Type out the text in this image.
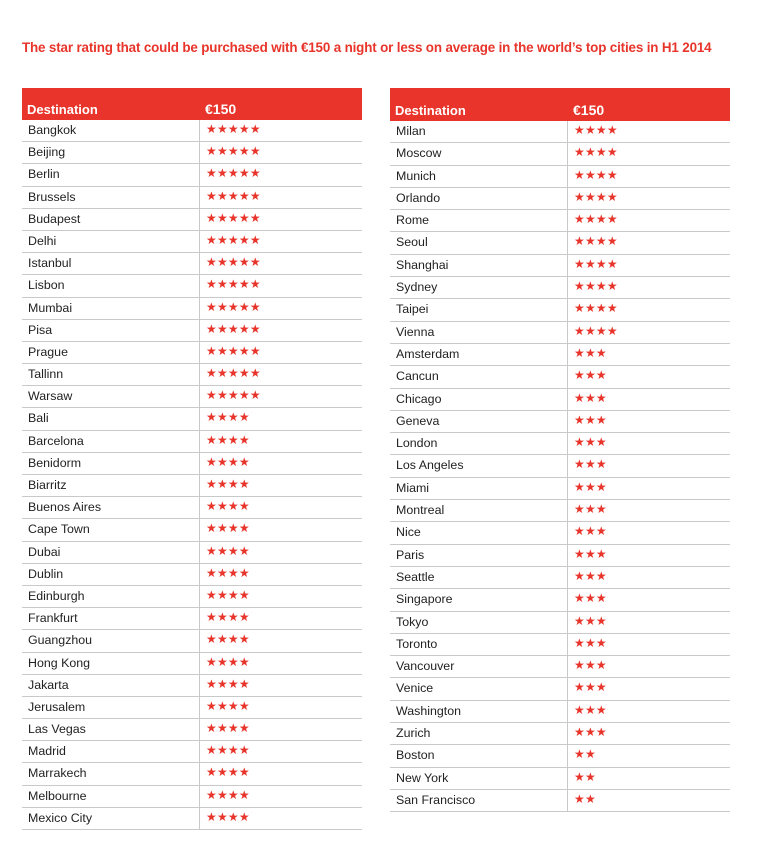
The star rating that could be purchased with €150 a night or less on average in the world’s top cities in H1 2014
Destination	€150
Bangkok	★★★★★
Beijing	★★★★★
Berlin	★★★★★
Brussels	★★★★★
Budapest	★★★★★
Delhi	★★★★★
Istanbul	★★★★★
Lisbon	★★★★★
Mumbai	★★★★★
Pisa	★★★★★
Prague	★★★★★
Tallinn	★★★★★
Warsaw	★★★★★
Bali	★★★★
Barcelona	★★★★
Benidorm	★★★★
Biarritz	★★★★
Buenos Aires	★★★★
Cape Town	★★★★
Dubai	★★★★
Dublin	★★★★
Edinburgh	★★★★
Frankfurt	★★★★
Guangzhou	★★★★
Hong Kong	★★★★
Jakarta	★★★★
Jerusalem	★★★★
Las Vegas	★★★★
Madrid	★★★★
Marrakech	★★★★
Melbourne	★★★★
Mexico City	★★★★
Destination	€150
Milan	★★★★
Moscow	★★★★
Munich	★★★★
Orlando	★★★★
Rome	★★★★
Seoul	★★★★
Shanghai	★★★★
Sydney	★★★★
Taipei	★★★★
Vienna	★★★★
Amsterdam	★★★
Cancun	★★★
Chicago	★★★
Geneva	★★★
London	★★★
Los Angeles	★★★
Miami	★★★
Montreal	★★★
Nice	★★★
Paris	★★★
Seattle	★★★
Singapore	★★★
Tokyo	★★★
Toronto	★★★
Vancouver	★★★
Venice	★★★
Washington	★★★
Zurich	★★★
Boston	★★
New York	★★
San Francisco	★★
